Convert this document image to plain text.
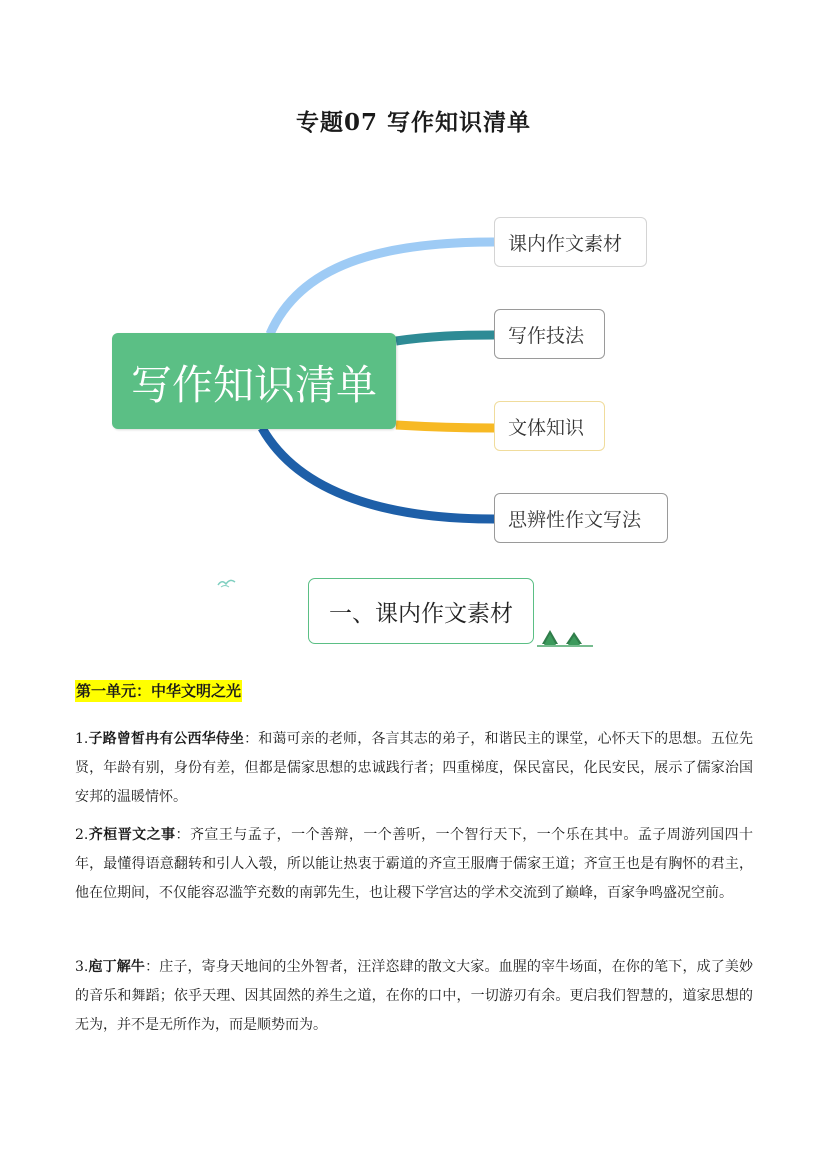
专题07 写作知识清单
写作知识清单
课内作文素材
写作技法
文体知识
思辨性作文写法
一、课内作文素材
第一单元：中华文明之光

1.子路曾皙冉有公西华侍坐：和蔼可亲的老师，各言其志的弟子，和谐民主的课堂，心怀天下的思想。五位先贤，年龄有别，身份有差，但都是儒家思想的忠诚践行者；四重梯度，保民富民，化民安民，展示了儒家治国安邦的温暖情怀。

2.齐桓晋文之事：齐宣王与孟子，一个善辩，一个善听，一个智行天下，一个乐在其中。孟子周游列国四十年，最懂得语意翻转和引人入彀，所以能让热衷于霸道的齐宣王服膺于儒家王道；齐宣王也是有胸怀的君主，他在位期间，不仅能容忍滥竽充数的南郭先生，也让稷下学宫达的学术交流到了巅峰，百家争鸣盛况空前。

3.庖丁解牛：庄子，寄身天地间的尘外智者，汪洋恣肆的散文大家。血腥的宰牛场面，在你的笔下，成了美妙的音乐和舞蹈；依乎天理、因其固然的养生之道，在你的口中，一切游刃有余。更启我们智慧的，道家思想的无为，并不是无所作为，而是顺势而为。
